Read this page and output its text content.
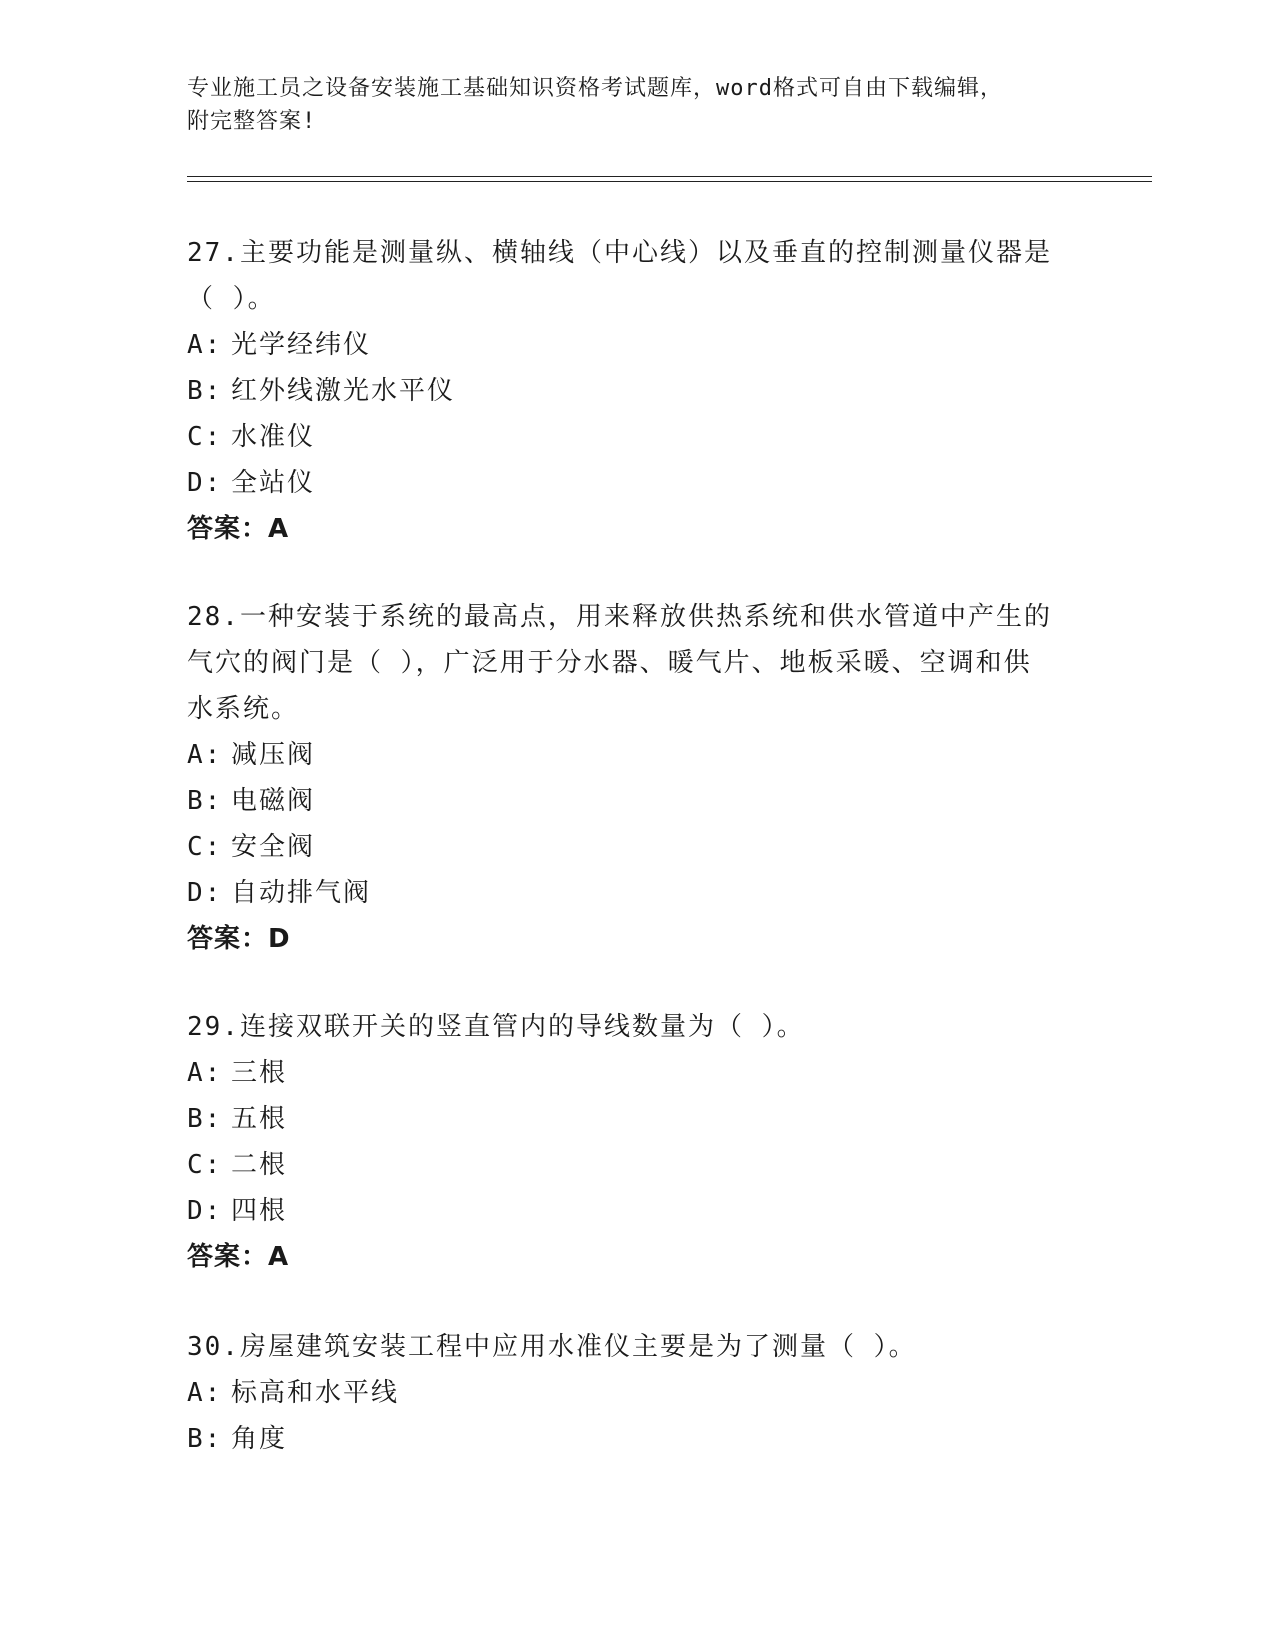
专业施工员之设备安装施工基础知识资格考试题库，word格式可自由下载编辑，
附完整答案!
27.主要功能是测量纵、横轴线（中心线）以及垂直的控制测量仪器是
（ ）。
A: 光学经纬仪
B: 红外线激光水平仪
C: 水准仪
D: 全站仪
答案：A
28.一种安装于系统的最高点，用来释放供热系统和供水管道中产生的
气穴的阀门是（ ），广泛用于分水器、暖气片、地板采暖、空调和供
水系统。
A: 减压阀
B: 电磁阀
C: 安全阀
D: 自动排气阀
答案：D
29.连接双联开关的竖直管内的导线数量为（ ）。
A: 三根
B: 五根
C: 二根
D: 四根
答案：A
30.房屋建筑安装工程中应用水准仪主要是为了测量（ ）。
A: 标高和水平线
B: 角度
